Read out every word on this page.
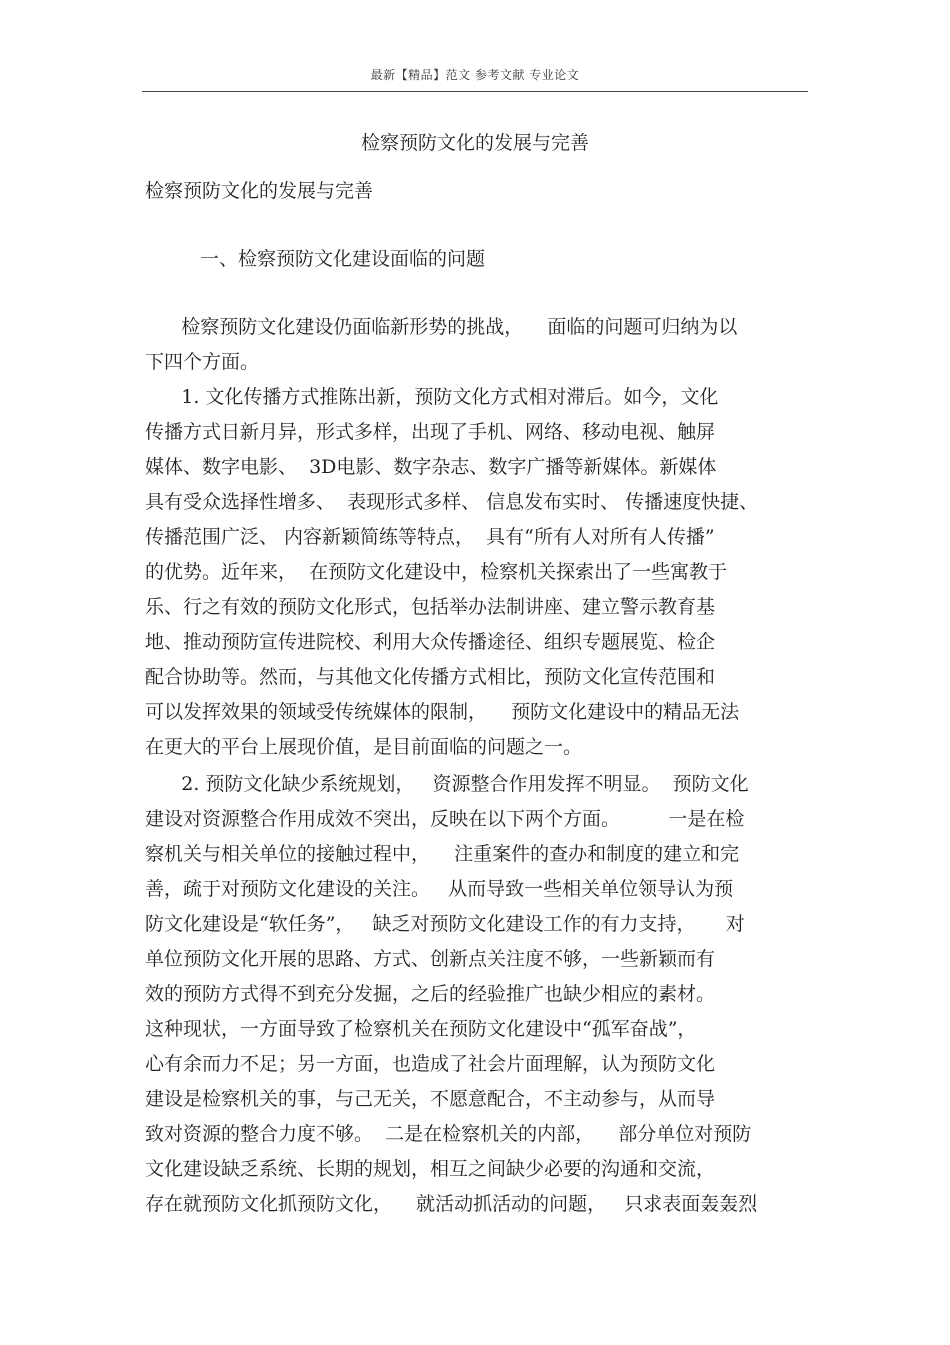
最新【精品】范文 参考文献 专业论文
检察预防文化的发展与完善
检察预防文化的发展与完善
一、检察预防文化建设面临的问题
检察预防文化建设仍面临新形势的挑战，    面临的问题可归纳为以
下四个方面。
1. 文化传播方式推陈出新，预防文化方式相对滞后。如今，文化
传播方式日新月异，形式多样，出现了手机、网络、移动电视、触屏
媒体、数字电影、  3D电影、数字杂志、数字广播等新媒体。新媒体
具有受众选择性增多、  表现形式多样、 信息发布实时、 传播速度快捷、
传播范围广泛、 内容新颖简练等特点，  具有“所有人对所有人传播”
的优势。近年来，  在预防文化建设中，检察机关探索出了一些寓教于
乐、行之有效的预防文化形式，包括举办法制讲座、建立警示教育基
地、推动预防宣传进院校、利用大众传播途径、组织专题展览、检企
配合协助等。然而，与其他文化传播方式相比，预防文化宣传范围和
可以发挥效果的领域受传统媒体的限制，    预防文化建设中的精品无法
在更大的平台上展现价值，是目前面临的问题之一。
2. 预防文化缺少系统规划，   资源整合作用发挥不明显。  预防文化
建设对资源整合作用成效不突出，反映在以下两个方面。        一是在检
察机关与相关单位的接触过程中，    注重案件的查办和制度的建立和完
善，疏于对预防文化建设的关注。   从而导致一些相关单位领导认为预
防文化建设是“软任务”，   缺乏对预防文化建设工作的有力支持，     对
单位预防文化开展的思路、方式、创新点关注度不够，一些新颖而有
效的预防方式得不到充分发掘，之后的经验推广也缺少相应的素材。
这种现状，一方面导致了检察机关在预防文化建设中“孤军奋战”，
心有余而力不足；另一方面，也造成了社会片面理解，认为预防文化
建设是检察机关的事，与己无关，不愿意配合，不主动参与，从而导
致对资源的整合力度不够。  二是在检察机关的内部，    部分单位对预防
文化建设缺乏系统、长期的规划，相互之间缺少必要的沟通和交流，
存在就预防文化抓预防文化，    就活动抓活动的问题，   只求表面轰轰烈
